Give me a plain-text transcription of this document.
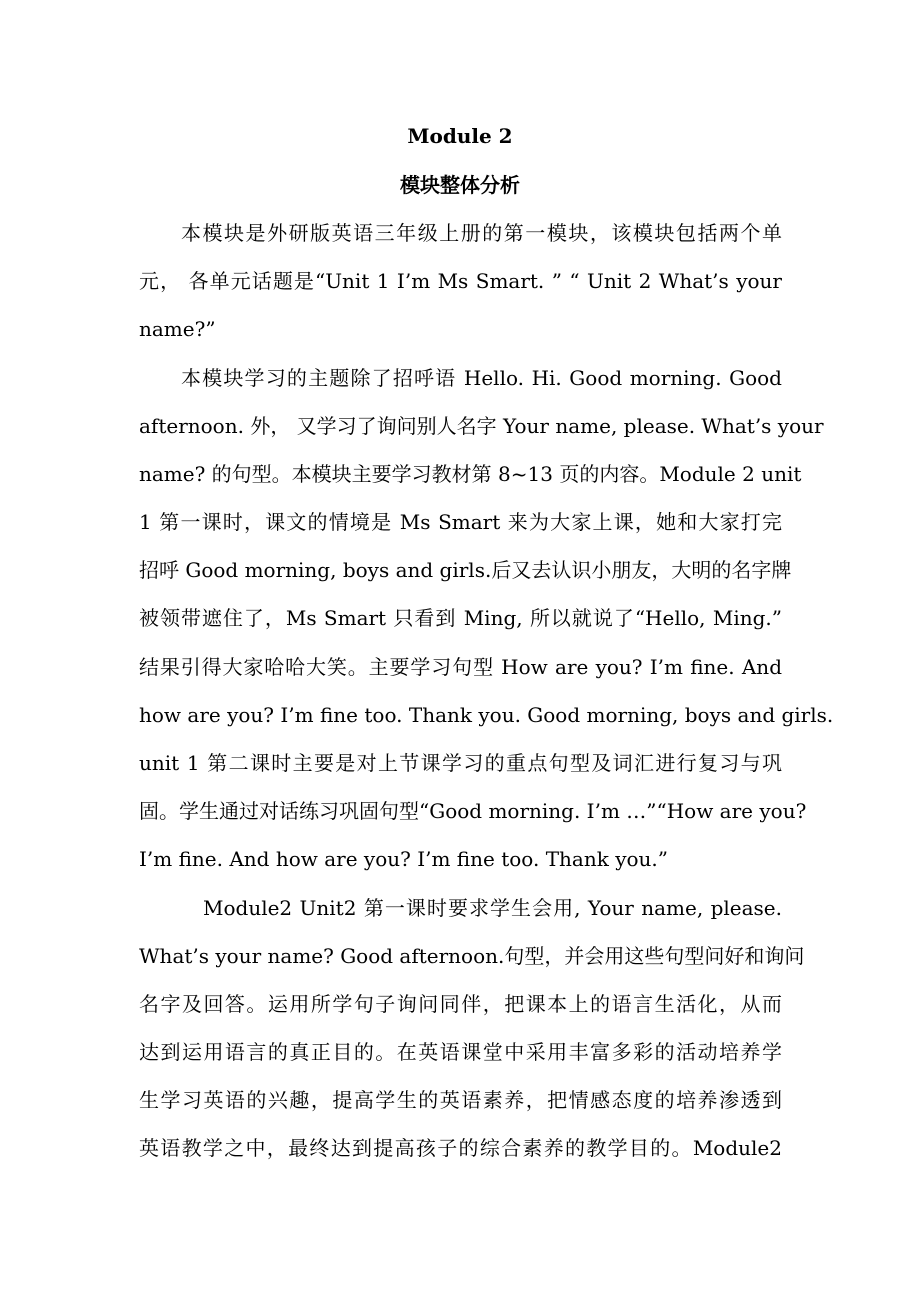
Module 2
模块整体分析
本模块是外研版英语三年级上册的第一模块，该模块包括两个单
元， 各单元话题是“Unit 1 I’m Ms Smart. ” “ Unit 2 What’s your
name?”
本模块学习的主题除了招呼语 Hello. Hi. Good morning. Good
afternoon. 外， 又学习了询问别人名字 Your name, please. What’s your
name? 的句型。本模块主要学习教材第 8~13 页的内容。Module 2 unit
1 第一课时，课文的情境是 Ms Smart 来为大家上课，她和大家打完
招呼 Good morning, boys and girls.后又去认识小朋友，大明的名字牌
被领带遮住了，Ms Smart 只看到 Ming, 所以就说了“Hello, Ming.”
结果引得大家哈哈大笑。主要学习句型 How are you? I’m fine. And
how are you? I’m fine too. Thank you. Good morning, boys and girls.
unit 1 第二课时主要是对上节课学习的重点句型及词汇进行复习与巩
固。学生通过对话练习巩固句型“Good morning. I’m …”“How are you?
I’m fine. And how are you? I’m fine too. Thank you.”
Module2 Unit2 第一课时要求学生会用, Your name, please.
What’s your name? Good afternoon.句型，并会用这些句型问好和询问
名字及回答。运用所学句子询问同伴，把课本上的语言生活化，从而
达到运用语言的真正目的。在英语课堂中采用丰富多彩的活动培养学
生学习英语的兴趣，提高学生的英语素养，把情感态度的培养渗透到
英语教学之中，最终达到提高孩子的综合素养的教学目的。Module2
